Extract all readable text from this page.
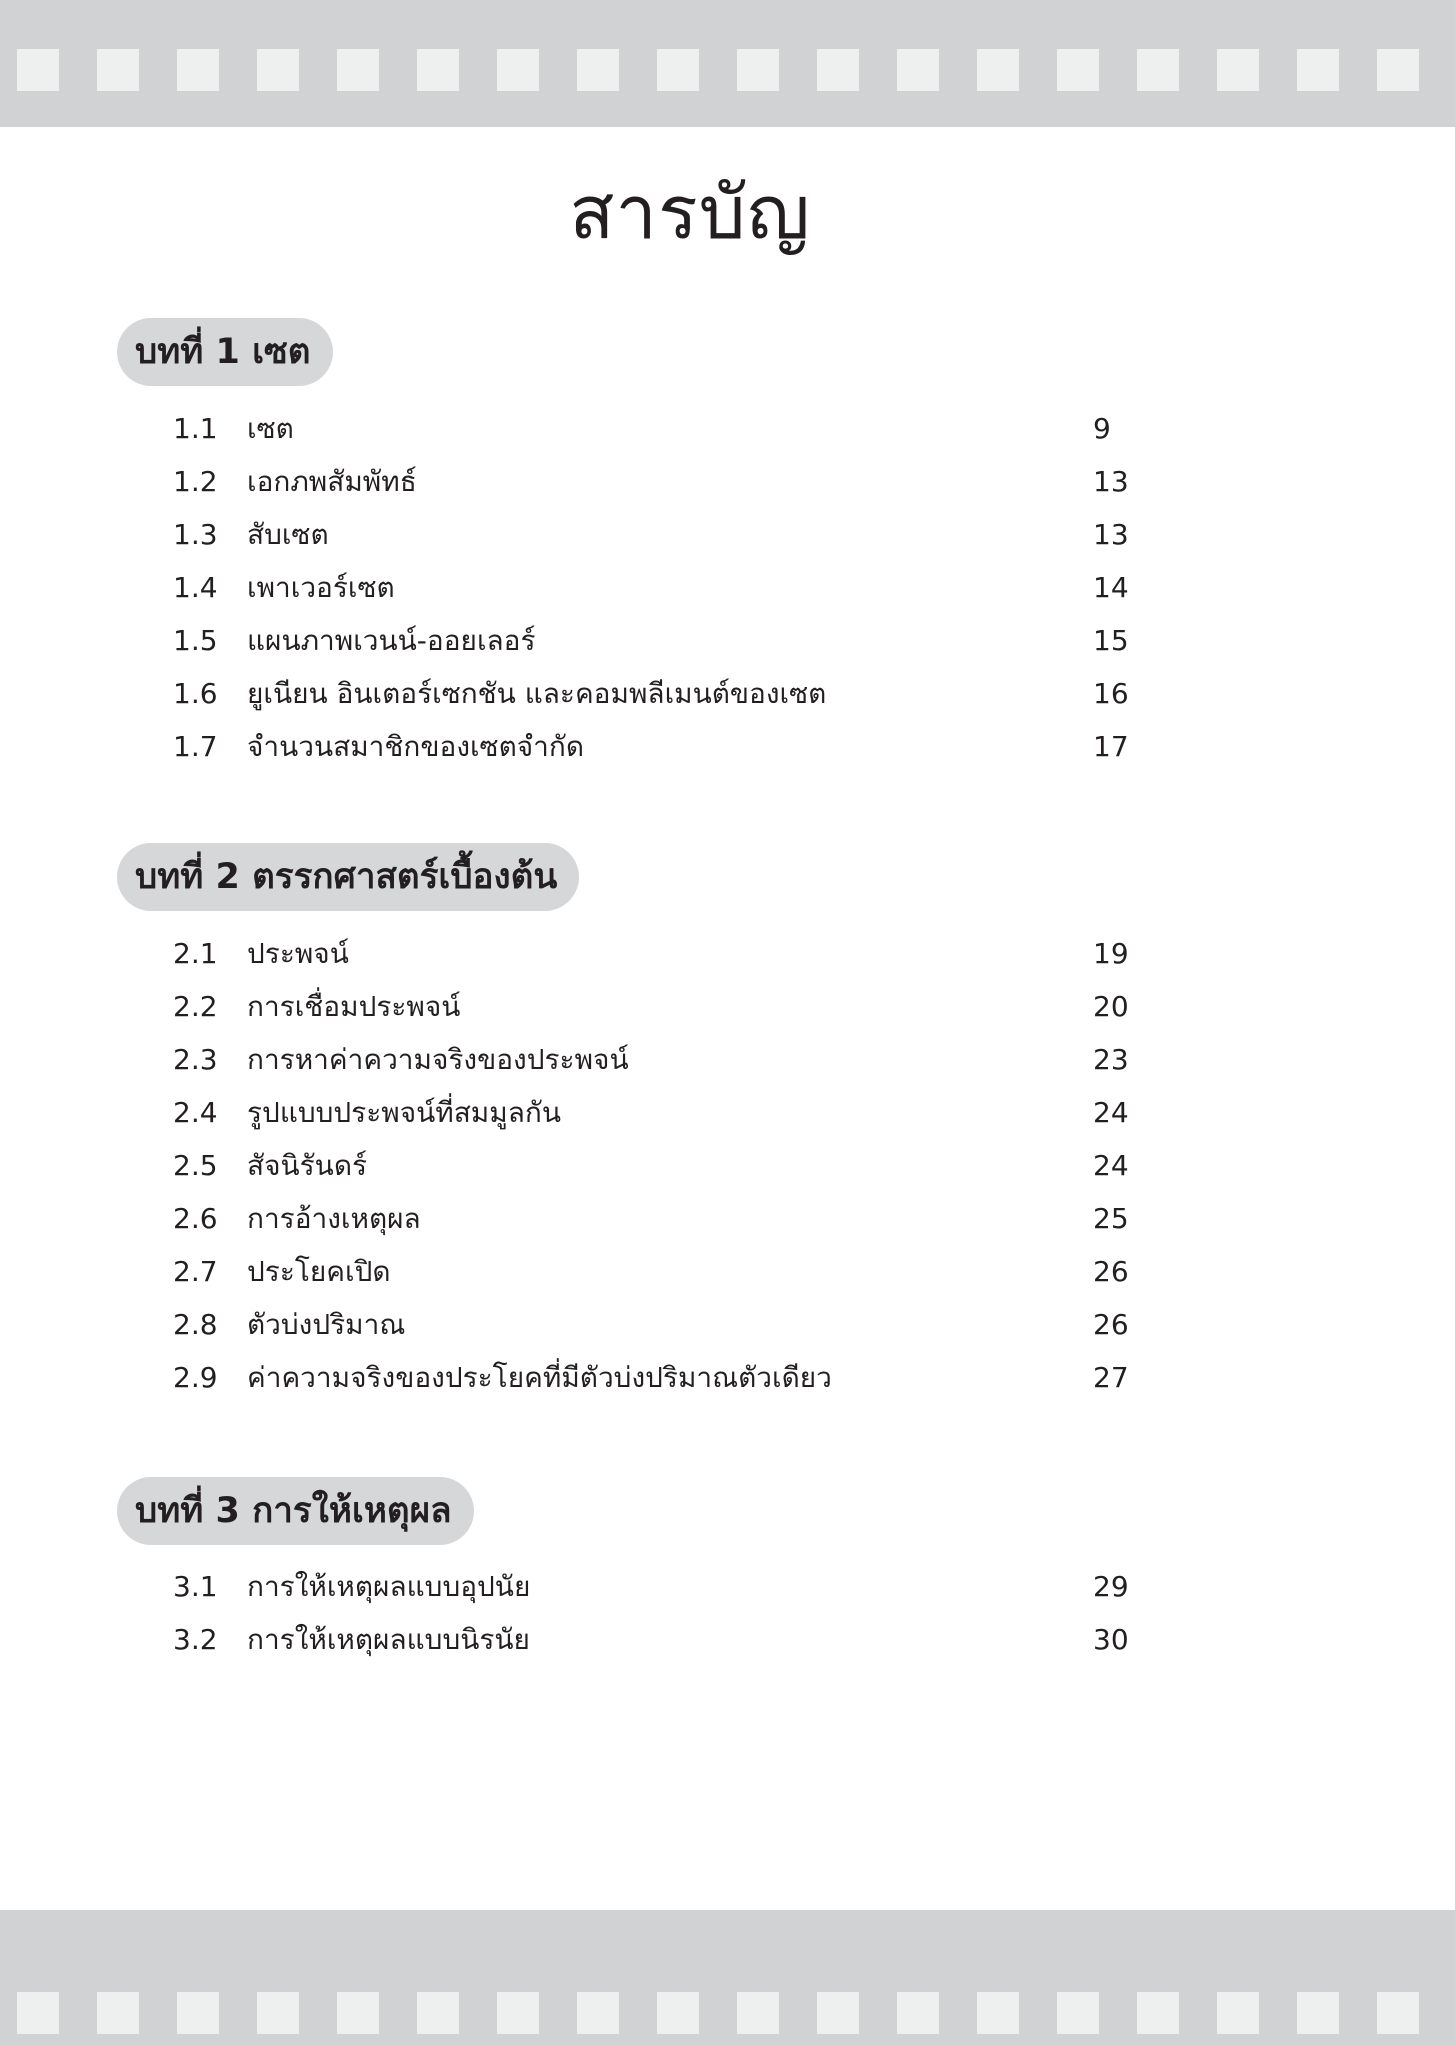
สารบัญ
บทที่ 1 เซต
1.1	เซต	9
1.2	เอกภพสัมพัทธ์	13
1.3	สับเซต	13
1.4	เพาเวอร์เซต	14
1.5	แผนภาพเวนน์-ออยเลอร์	15
1.6	ยูเนียน อินเตอร์เซกชัน และคอมพลีเมนต์ของเซต	16
1.7	จำนวนสมาชิกของเซตจำกัด	17
บทที่ 2 ตรรกศาสตร์เบื้องต้น
2.1	ประพจน์	19
2.2	การเชื่อมประพจน์	20
2.3	การหาค่าความจริงของประพจน์	23
2.4	รูปแบบประพจน์ที่สมมูลกัน	24
2.5	สัจนิรันดร์	24
2.6	การอ้างเหตุผล	25
2.7	ประโยคเปิด	26
2.8	ตัวบ่งปริมาณ	26
2.9	ค่าความจริงของประโยคที่มีตัวบ่งปริมาณตัวเดียว	27
บทที่ 3 การให้เหตุผล
3.1	การให้เหตุผลแบบอุปนัย	29
3.2	การให้เหตุผลแบบนิรนัย	30
